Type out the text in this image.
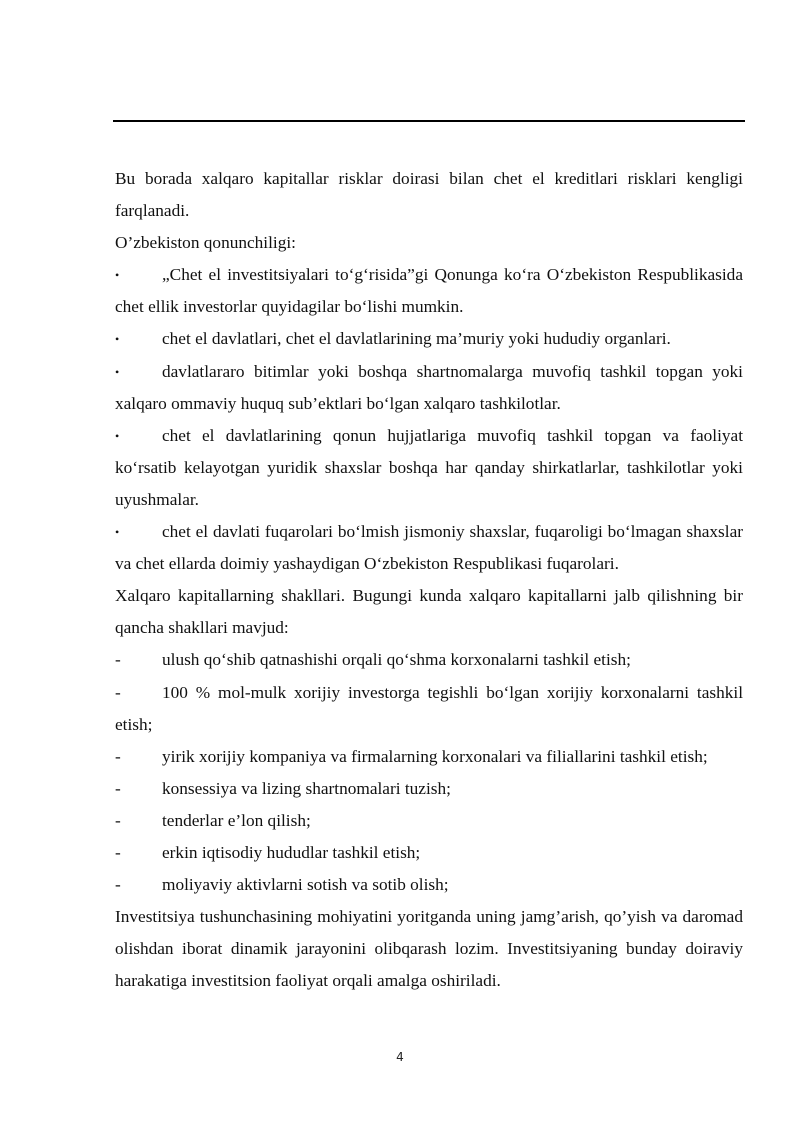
Bu borada xalqaro kapitallar risklar doirasi bilan chet el kreditlari risklari kengligi farqlanadi.

O’zbekiston qonunchiligi:

• „Chet el investitsiyalari to‘g‘risida”gi Qonunga ko‘ra O‘zbekiston Respublikasida chet ellik investorlar quyidagilar bo‘lishi mumkin.

• chet el davlatlari, chet el davlatlarining ma’muriy yoki hududiy organlari.

• davlatlararo bitimlar yoki boshqa shartnomalarga muvofiq tashkil topgan yoki xalqaro ommaviy huquq sub’ektlari bo‘lgan xalqaro tashkilotlar.

• chet el davlatlarining qonun hujjatlariga muvofiq tashkil topgan va faoliyat ko‘rsatib kelayotgan yuridik shaxslar boshqa har qanday shirkatlarlar, tashkilotlar yoki uyushmalar.

• chet el davlati fuqarolari bo‘lmish jismoniy shaxslar, fuqaroligi bo‘lmagan shaxslar va chet ellarda doimiy yashaydigan O‘zbekiston Respublikasi fuqarolari.

Xalqaro kapitallarning shakllari. Bugungi kunda xalqaro kapitallarni jalb qilishning bir qancha shakllari mavjud:

- ulush qo‘shib qatnashishi orqali qo‘shma korxonalarni tashkil etish;

- 100 % mol-mulk xorijiy investorga tegishli bo‘lgan xorijiy korxonalarni tashkil etish;

- yirik xorijiy kompaniya va firmalarning korxonalari va filiallarini tashkil etish;

- konsessiya va lizing shartnomalari tuzish;

- tenderlar e’lon qilish;

- erkin iqtisodiy hududlar tashkil etish;

- moliyaviy aktivlarni sotish va sotib olish;

Investitsiya tushunchasining mohiyatini yoritganda uning jamg’arish, qo’yish va daromad olishdan iborat dinamik jarayonini olibqarash lozim. Investitsiyaning bunday doiraviy harakatiga investitsion faoliyat orqali amalga oshiriladi.

4
